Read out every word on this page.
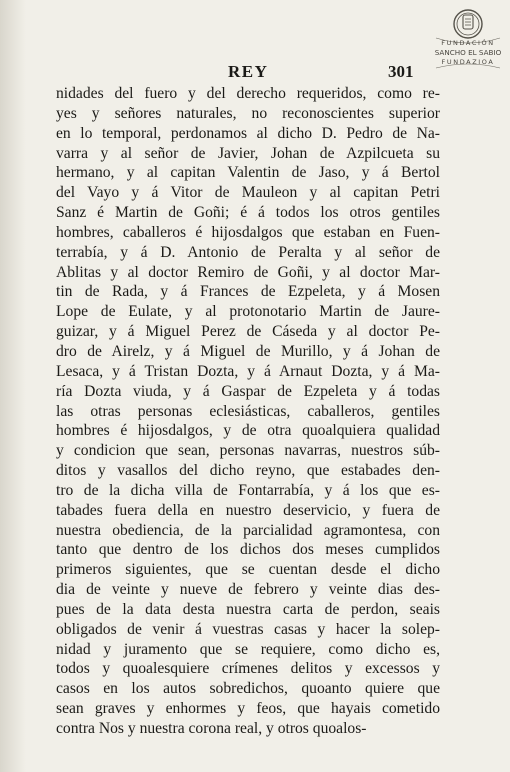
FUNDACIÓN
SANCHO EL SABIO
FUNDAZIOA
REY	301
nidades del fuero y del derecho requeridos, como re-
yes y señores naturales, no reconoscientes superior
en lo temporal, perdonamos al dicho D. Pedro de Na-
varra y al señor de Javier, Johan de Azpilcueta su
hermano, y al capitan Valentin de Jaso, y á Bertol
del Vayo y á Vitor de Mauleon y al capitan Petri
Sanz é Martin de Goñi; é á todos los otros gentiles
hombres, caballeros é hijosdalgos que estaban en Fuen-
terrabía, y á D. Antonio de Peralta y al señor de
Ablitas y al doctor Remiro de Goñi, y al doctor Mar-
tin de Rada, y á Frances de Ezpeleta, y á Mosen
Lope de Eulate, y al protonotario Martin de Jaure-
guizar, y á Miguel Perez de Cáseda y al doctor Pe-
dro de Airelz, y á Miguel de Murillo, y á Johan de
Lesaca, y á Tristan Dozta, y á Arnaut Dozta, y á Ma-
ría Dozta viuda, y á Gaspar de Ezpeleta y á todas
las otras personas eclesiásticas, caballeros, gentiles
hombres é hijosdalgos, y de otra quoalquiera qualidad
y condicion que sean, personas navarras, nuestros súb-
ditos y vasallos del dicho reyno, que estabades den-
tro de la dicha villa de Fontarrabía, y á los que es-
tabades fuera della en nuestro deservicio, y fuera de
nuestra obediencia, de la parcialidad agramontesa, con
tanto que dentro de los dichos dos meses cumplidos
primeros siguientes, que se cuentan desde el dicho
dia de veinte y nueve de febrero y veinte dias des-
pues de la data desta nuestra carta de perdon, seais
obligados de venir á vuestras casas y hacer la solep-
nidad y juramento que se requiere, como dicho es,
todos y quoalesquiere crímenes delitos y excessos y
casos en los autos sobredichos, quoanto quiere que
sean graves y enhormes y feos, que hayais cometido
contra Nos y nuestra corona real, y otros quoalos-
